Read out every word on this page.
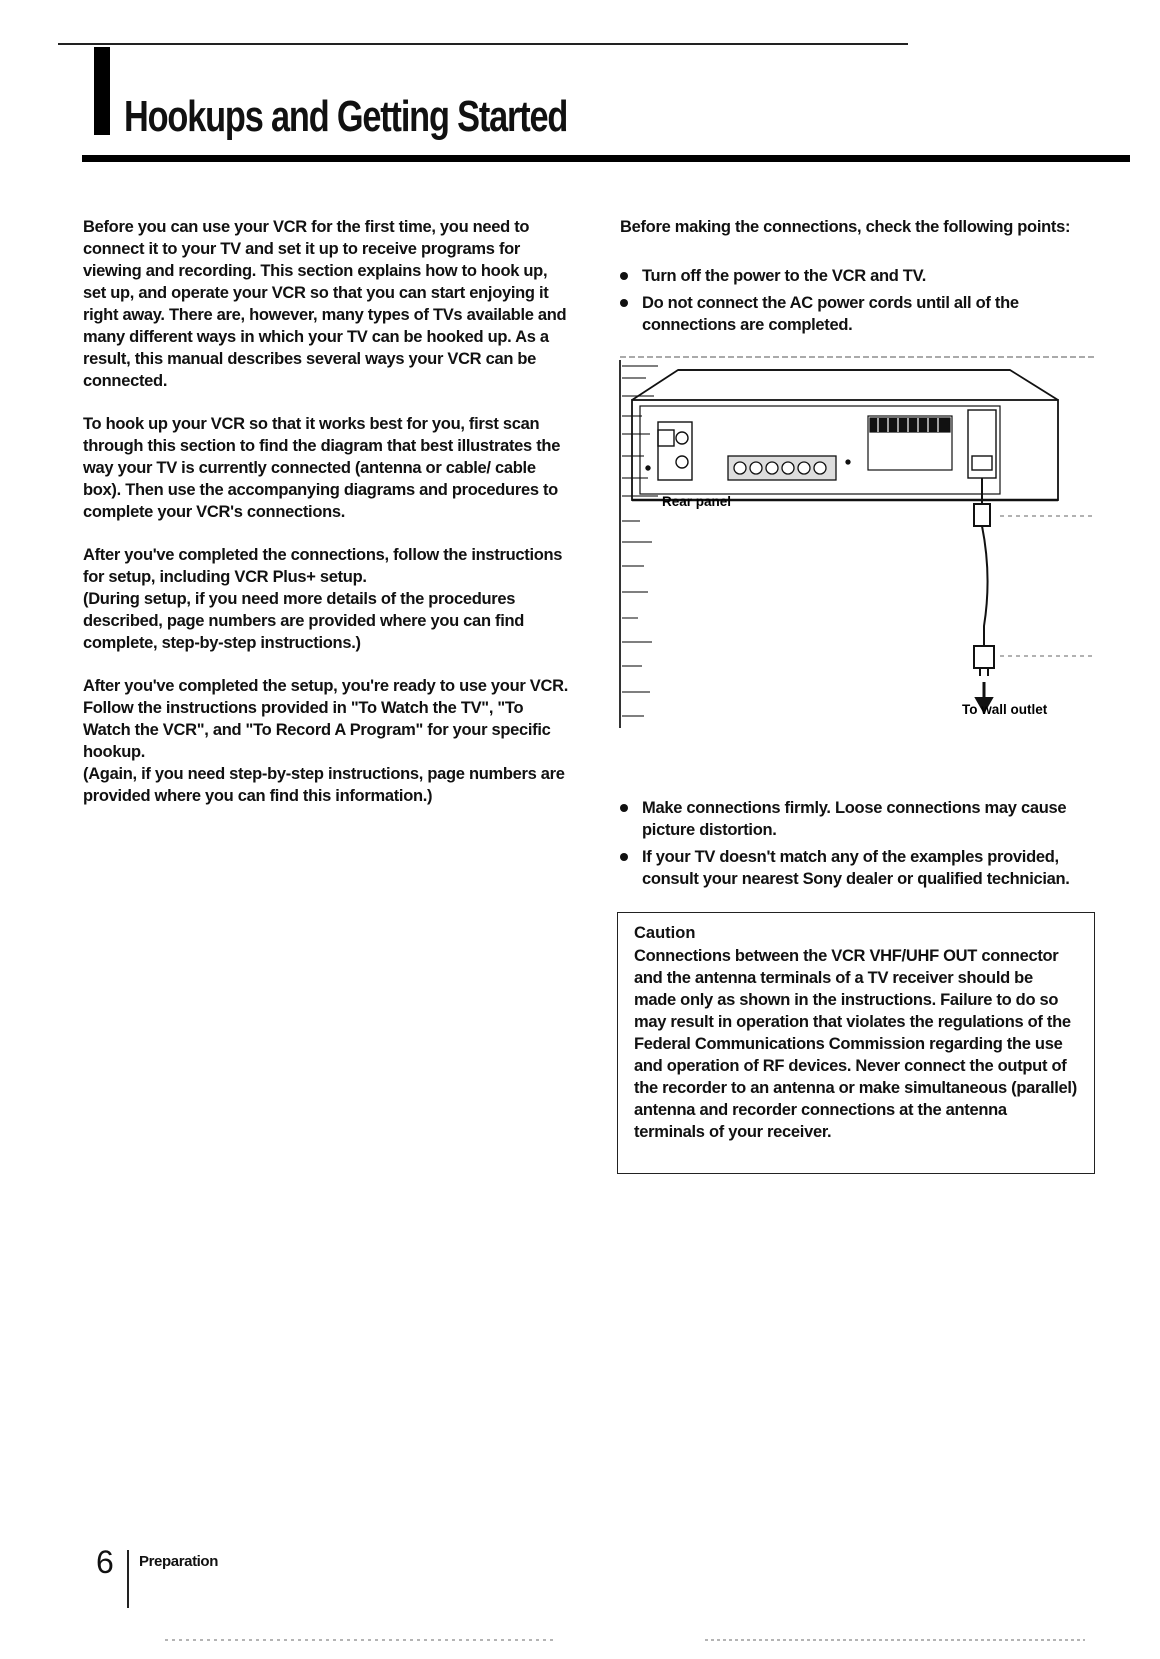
Hookups and Getting Started

Before you can use your VCR for the first time, you need to connect it to your TV and set it up to receive programs for viewing and recording. This section explains how to hook up, set up, and operate your VCR so that you can start enjoying it right away. There are, however, many types of TVs available and many different ways in which your TV can be hooked up. As a result, this manual describes several ways your VCR can be connected.

To hook up your VCR so that it works best for you, first scan through this section to find the diagram that best illustrates the way your TV is currently connected (antenna or cable/ cable box). Then use the accompanying diagrams and procedures to complete your VCR's connections.

After you've completed the connections, follow the instructions for setup, including VCR Plus+ setup.
(During setup, if you need more details of the procedures described, page numbers are provided where you can find complete, step-by-step instructions.)

After you've completed the setup, you're ready to use your VCR. Follow the instructions provided in "To Watch the TV", "To Watch the VCR", and "To Record A Program" for your specific hookup.
(Again, if you need step-by-step instructions, page numbers are provided where you can find this information.)

Before making the connections, check the following points:

Turn off the power to the VCR and TV.
Do not connect the AC power cords until all of the connections are completed.
Rear panel
To wall outlet
Make connections firmly. Loose connections may cause picture distortion.
If your TV doesn't match any of the examples provided, consult your nearest Sony dealer or qualified technician.
Caution
Connections between the VCR VHF/UHF OUT connector and the antenna terminals of a TV receiver should be made only as shown in the instructions. Failure to do so may result in operation that violates the regulations of the Federal Communications Commission regarding the use and operation of RF devices. Never connect the output of the recorder to an antenna or make simultaneous (parallel) antenna and recorder connections at the antenna terminals of your receiver.
6 Preparation
